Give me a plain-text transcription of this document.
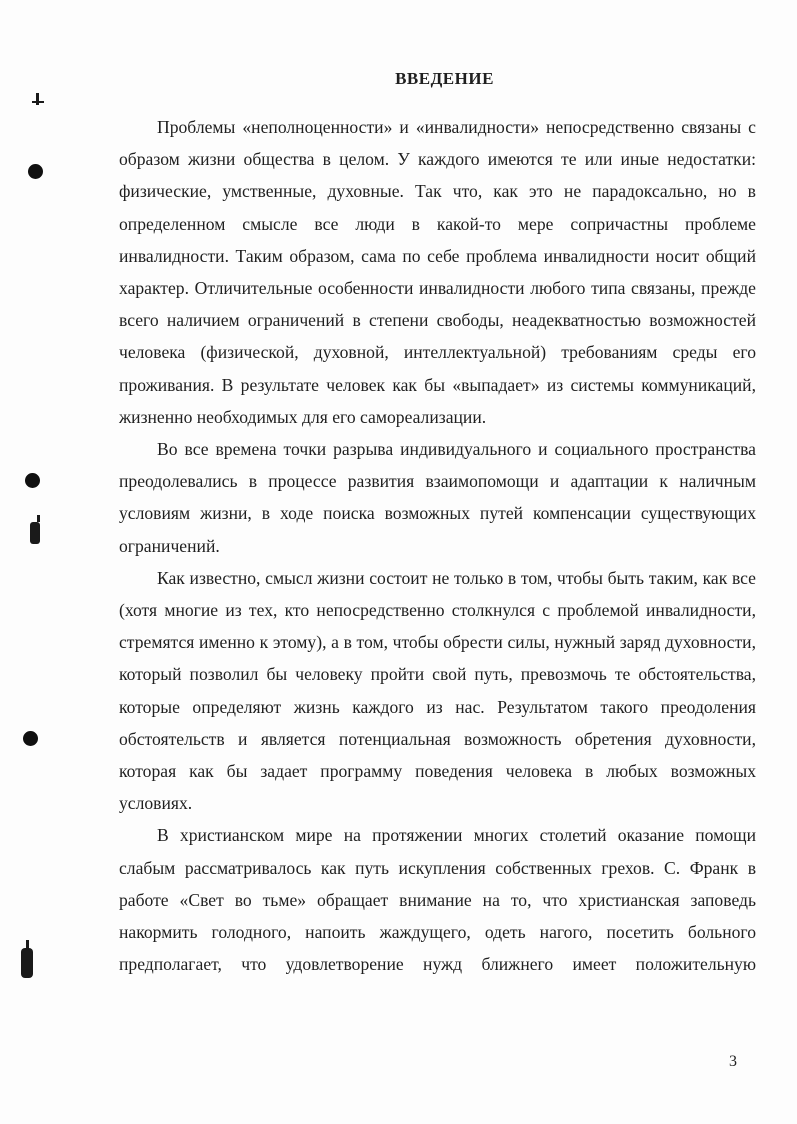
ВВЕДЕНИЕ

Проблемы «неполноценности» и «инвалидности» непосредственно связаны с образом жизни общества в целом. У каждого имеются те или иные недостатки: физические, умственные, духовные. Так что, как это не парадоксально, но в определенном смысле все люди в какой-то мере сопричастны проблеме инвалидности. Таким образом, сама по себе проблема инвалидности носит общий характер. Отличительные особенности инвалидности любого типа связаны, прежде всего наличием ограничений в степени свободы, неадекватностью возможностей человека (физической, духовной, интеллектуальной) требованиям среды его проживания. В результате человек как бы «выпадает» из системы коммуникаций, жизненно необходимых для его самореализации.

Во все времена точки разрыва индивидуального и социального пространства преодолевались в процессе развития взаимопомощи и адаптации к наличным условиям жизни, в ходе поиска возможных путей компенсации существующих ограничений.

Как известно, смысл жизни состоит не только в том, чтобы быть таким, как все (хотя многие из тех, кто непосредственно столкнулся с проблемой инвалидности, стремятся именно к этому), а в том, чтобы обрести силы, нужный заряд духовности, который позволил бы человеку пройти свой путь, превозмочь те обстоятельства, которые определяют жизнь каждого из нас. Результатом такого преодоления обстоятельств и является потенциальная возможность обретения духовности, которая как бы задает программу поведения человека в любых возможных условиях.

В христианском мире на протяжении многих столетий оказание помощи слабым рассматривалось как путь искупления собственных грехов. С. Франк в работе «Свет во тьме» обращает внимание на то, что христианская заповедь накормить голодного, напоить жаждущего, одеть нагого, посетить больного предполагает, что удовлетворение нужд ближнего имеет положительную

3
